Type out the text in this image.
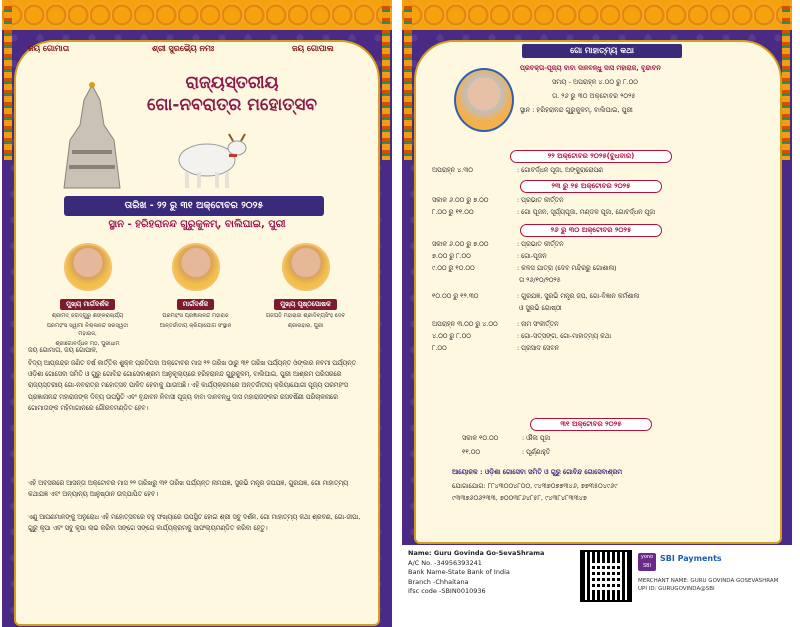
ଜୟ ଗୋମାତା	ଶ୍ରୀ ସୁରଭ୍ୟୈ ନମଃ	ଜୟ ଗୋପାଲ
ରାଜ୍ୟସ୍ତରୀୟ
ଗୋ-ନବରାତ୍ର ମହୋତ୍ସବ
ତାରିଖ - ୨୨ ରୁ ୩୧ ଅକ୍ଟୋବର ୨୦୨୫
ସ୍ଥାନ - ହରିହରାନନ୍ଦ ଗୁରୁକୁଳମ୍, ବାଲିଘାଇ, ପୁରୀ
ମୁଖ୍ୟ ମାର୍ଗଦର୍ଶକ
ଶ୍ରୀମଦ୍ ଜଗଦ୍ଗୁରୁ ଶଙ୍କରାଚାର୍ଯ୍ୟ
ପରମହଂସ ସ୍ୱାମୀ ନିଶ୍ଚଳାନନ୍ଦ ସରସ୍ୱତୀ ମହାରାଜ,
ଶ୍ରୀଗୋବର୍ଦ୍ଧନ ମଠ, ପୁରୀଧାମ
ମାର୍ଗଦର୍ଶକ
ପରମହଂସ ପ୍ରଜ୍ଞାନାନନ୍ଦ ମହାରାଜ
ଆନ୍ତର୍ଜାତୀୟ କ୍ରିୟାଯୋଗ ସଂସ୍ଥାନ
ମୁଖ୍ୟ ପୃଷ୍ଠପୋଷକ
ଗଜପତି ମହାରାଜା ଶ୍ରୀଦିବ୍ୟସିଂହ ଦେବ
ଶ୍ରୀନାହାର, ପୁରୀ
ଜୟ ଗୋମାତା, ଜୟ ଗୋପାଳ,
ବିଦ୍ୟ ଆପ୍ରନ୍ଦ୍ର ଜଣିତ ବର୍ଷ କାର୍ତ୍ତିକ ଶୁକ୍ଳ ପ୍ରତିପଦା ଅକ୍ଟୋବର ମାସ ୨୨ ତାରିଖ ଠାରୁ ୩୧ ତାରିଖ ପର୍ଯ୍ୟନ୍ତ ଓଁଙ୍କାର ନବମୀ ପର୍ଯ୍ୟନ୍ତ ଓଡ଼ିଶା ଗୋସେବା ସମିତି ଓ ଗୁରୁ ଗୋବିନ୍ଦ ଗୋସେବାଶ୍ରମ ଆନୁକୂଲ୍ୟରେ ହରିହରାନନ୍ଦ ଗୁରୁକୁଳମ୍, ବାଲିଘାଇ, ପୁରୀ ଆଶ୍ରମ ପରିସରରେ ରାଜ୍ୟସ୍ତରୀୟ ଗୋ-ନବରାତ୍ର ମହୋତ୍ସବ ପାଳିତ ହେବାକୁ ଯାଉଅଛି। ଏହି କାର୍ଯ୍ୟକ୍ରମରେ ଅନ୍ତର୍ଜାତୀୟ କ୍ରିୟାଯୋଗୀ ପୂଜ୍ୟ ପରମହଂସ ପ୍ରଜ୍ଞାନାନନ୍ଦ ମହାରାଜଙ୍କ ଦିବ୍ୟ ଉପସ୍ଥିତି ଏବଂ ବୃନ୍ଦାବନ ନିବାସୀ ପୂଜ୍ୟ ବାବା ଦାନବନ୍ଧୁ ଦାସ ମହାରାଜଙ୍କର ରସବର୍ଷିଣୀ ପରିଚାଳନାରେ ଗୋମାତାଙ୍କ ମହିମାଗାନରେ ଗୌରବମଣ୍ଡିତ ହେବ।
ଏହି ଅବସରରେ ଆସନ୍ତା ଅକ୍ଟୋବର ମାସ ୨୨ ତାରିଖରୁ ୩୧ ତାରିଖ ପର୍ଯ୍ୟନ୍ତ ନାମଯଜ୍ଞ, ସୁରଭି ମନ୍ତ୍ର ଜପଯଜ୍ଞ, ଗୁରଯଜ୍ଞ, ଗୋ ମାହାତ୍ମ୍ୟ କଥାଯଜ୍ଞ ଏବଂ ଅନ୍ୟାନ୍ୟ ଆନୁଷ୍ଠାନ ଉଦ୍ଯାପିତ ହେବ।
ଏଣୁ ଆପଣମାନଙ୍କୁ ଅନୁରୋଧ ଏହି ମହୋତ୍ସବରେ ବହୁ ସଂଖ୍ୟାରେ ଉପସ୍ଥିତ ହୋଇ ଶ୍ରୀ ସବୁ ଦର୍ଶନ, ଗୋ ମାହାତ୍ମ୍ୟ କଥା ଶ୍ରବଣ, ଗୋ-ଜୀପା, ଗୁରୁ କୃପା ଏବଂ ସବୁ କୃପା ଲାଭ କରିବା ସଙ୍ଗେ ସଙ୍ଗେ କାର୍ଯ୍ୟକ୍ରମକୁ ସାଫଲ୍ୟମଣ୍ଡିତ କରିବା ହେତୁ।
ଗୋ ମାହାତ୍ମ୍ୟ କଥା
ପ୍ରବକ୍ତା-ପୂଜ୍ୟ ବାବା ଦାନବନ୍ଧୁ ଦାସ ମହାରାଜ, ବୃନ୍ଦାବନ
ସମୟ - ଅପରାହ୍ନ ୪.୦୦ ରୁ ୮.୦୦
ତା. ୨୬ ରୁ ୩୦ ଅକ୍ଟୋବର ୨୦୨୫
ସ୍ଥାନ : ହରିହରାନନ୍ଦ ଗୁରୁକୁଳମ୍, ବାଲିଘାଇ, ପୁରୀ
୨୨ ଅକ୍ଟୋବର ୨୦୨୫(ବୁଧବାର)
ଅପରାହ୍ନ ୪.୩୦	: ଗୋବର୍ଦ୍ଧନ ପୂଜା, ଅଙ୍କୁରାରୋପଣ
୨୩ ରୁ ୨୫ ଅକ୍ଟୋବର ୨୦୨୫
ସକାଳ ୬.୦୦ ରୁ ୭.୦୦	: ପ୍ରଭାତ କୀର୍ତ୍ତନ
୮.୦୦ ରୁ ୧୧.୦୦	: ଗୋ ପୂଜନ, ସୂର୍ଯ୍ୟପୂଜା, ମଣ୍ଡଳ ପୂଜା, ଗୋବର୍ଦ୍ଧନ ପୂଜା
୨୬ ରୁ ୩୦ ଅକ୍ଟୋବର ୨୦୨୫
ସକାଳ ୬.୦୦ ରୁ ୭.୦୦	: ପ୍ରଭାତ କୀର୍ତ୍ତନ
୭.୦୦ ରୁ ୮.୦୦	: ଗୋ-ପୂଜନ
୯.୦୦ ରୁ ୧୦.୦୦	: କଳସ ଯାତ୍ରା (ଦେବ ମନ୍ଦିରରୁ ଗୋଶାଳା)
ତା ୨୬/୧୦/୨୦୨୫
୧୦.୦୦ ରୁ ୧୨.୩୦	: ଗୁରଯଜ୍ଞ, ସୁରଭି ମନ୍ତ୍ର ଜପ, ଗୋ-ବିଜ୍ଞାନ କର୍ମଶାଳା
ଓ ସୁରଭି ଗୋଷ୍ଠୀ
ଅପରାହ୍ନ ୩.୦୦ ରୁ ୪.୦୦	: ନାମ ସଂକୀର୍ତ୍ତନ
୪.୦୦ ରୁ ୮.୦୦	: ଗୋ-ସତ୍ସଙ୍ଗ, ଗୋ-ମାହାତ୍ମ୍ୟ କଥା
୮.୦୦	: ପ୍ରସାଦ ସେବନ
୩୧ ଅକ୍ଟୋବର ୨୦୨୫
ସକାଳ ୧୦.୦୦	: ଔଁଳା ପୂଜା
୧୧.୦୦	: ପୂର୍ଣ୍ଣାହୁତି
ଆୟୋଜକ : ଓଡ଼ିଶା ଗୋସେବା ସମିତି ଓ ଗୁରୁ ଗୋବିନ୍ଦ ଗୋସେବାଶ୍ରମ
ଯୋଗାଯୋଗ: ୮୮୪୩୦୦୪୮୦୦, ୯୪୩୭୦୭୭୩୪୬, ୭୭୩୫୦୪୯୬୯
୯୩୩୭୬୦୬୨୩୩, ୭୦୦୩୮୬୪୮୫୮, ୯୪୩୮୪୮୩୩୪୭
Name: Guru Govinda Go-SevaShrama
A/C No. -34956393241
Bank Name-State Bank of India
Branch -Chhaitana
Ifsc code -SBIN0010936
yono SBI
SBI Payments
MERCHANT NAME: GURU GOVINDA GOSEVASHRAM
UPI ID: GURUGOVINDA@SBI
